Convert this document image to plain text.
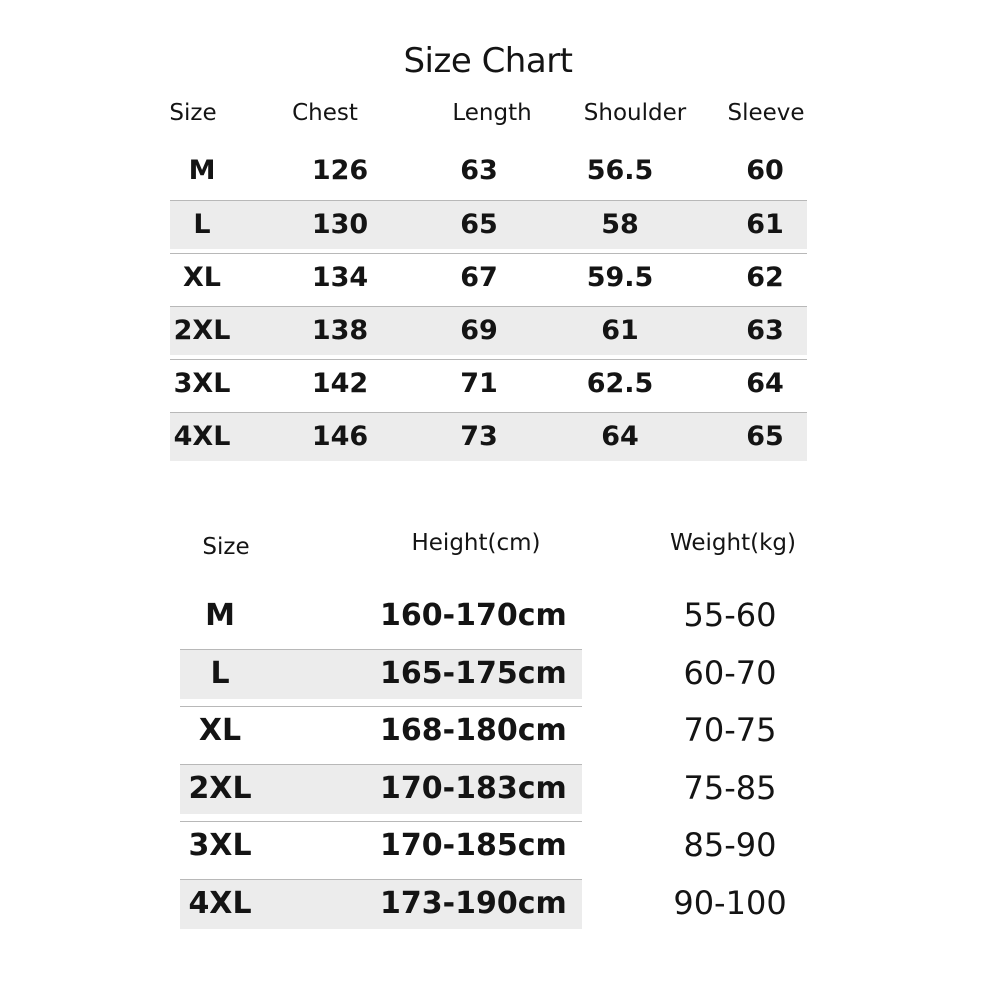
Size Chart
Size	Chest	Length	Shoulder	Sleeve
M	126	63	56.5	60
L	130	65	58	61
XL	134	67	59.5	62
2XL	138	69	61	63
3XL	142	71	62.5	64
4XL	146	73	64	65
Size	Height(cm)	Weight(kg)
M	160-170cm	55-60
L	165-175cm	60-70
XL	168-180cm	70-75
2XL	170-183cm	75-85
3XL	170-185cm	85-90
4XL	173-190cm	90-100
